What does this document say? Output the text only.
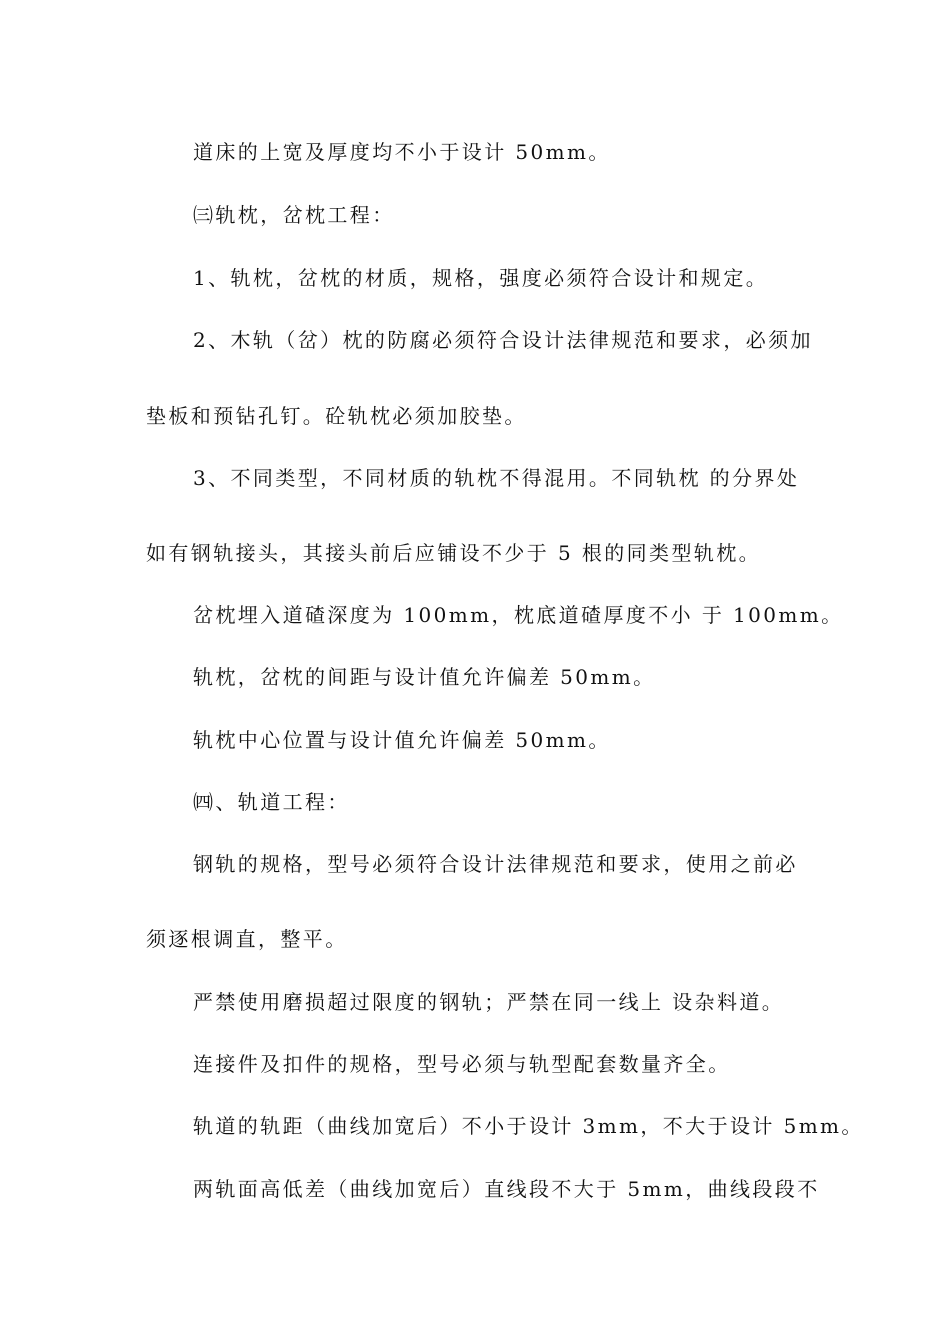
道床的上宽及厚度均不小于设计 50mm。
㈢轨枕，岔枕工程：
1、轨枕，岔枕的材质，规格，强度必须符合设计和规定。
2、木轨（岔）枕的防腐必须符合设计法律规范和要求，必须加
垫板和预钻孔钉。砼轨枕必须加胶垫。
3、不同类型，不同材质的轨枕不得混用。不同轨枕 的分界处
如有钢轨接头，其接头前后应铺设不少于 5 根的同类型轨枕。
岔枕埋入道碴深度为 100mm，枕底道碴厚度不小 于 100mm。
轨枕，岔枕的间距与设计值允许偏差 50mm。
轨枕中心位置与设计值允许偏差 50mm。
㈣、轨道工程：
钢轨的规格，型号必须符合设计法律规范和要求，使用之前必
须逐根调直，整平。
严禁使用磨损超过限度的钢轨；严禁在同一线上 设杂料道。
连接件及扣件的规格，型号必须与轨型配套数量齐全。
轨道的轨距（曲线加宽后）不小于设计 3mm，不大于设计 5mm。
两轨面高低差（曲线加宽后）直线段不大于 5mm，曲线段段不
